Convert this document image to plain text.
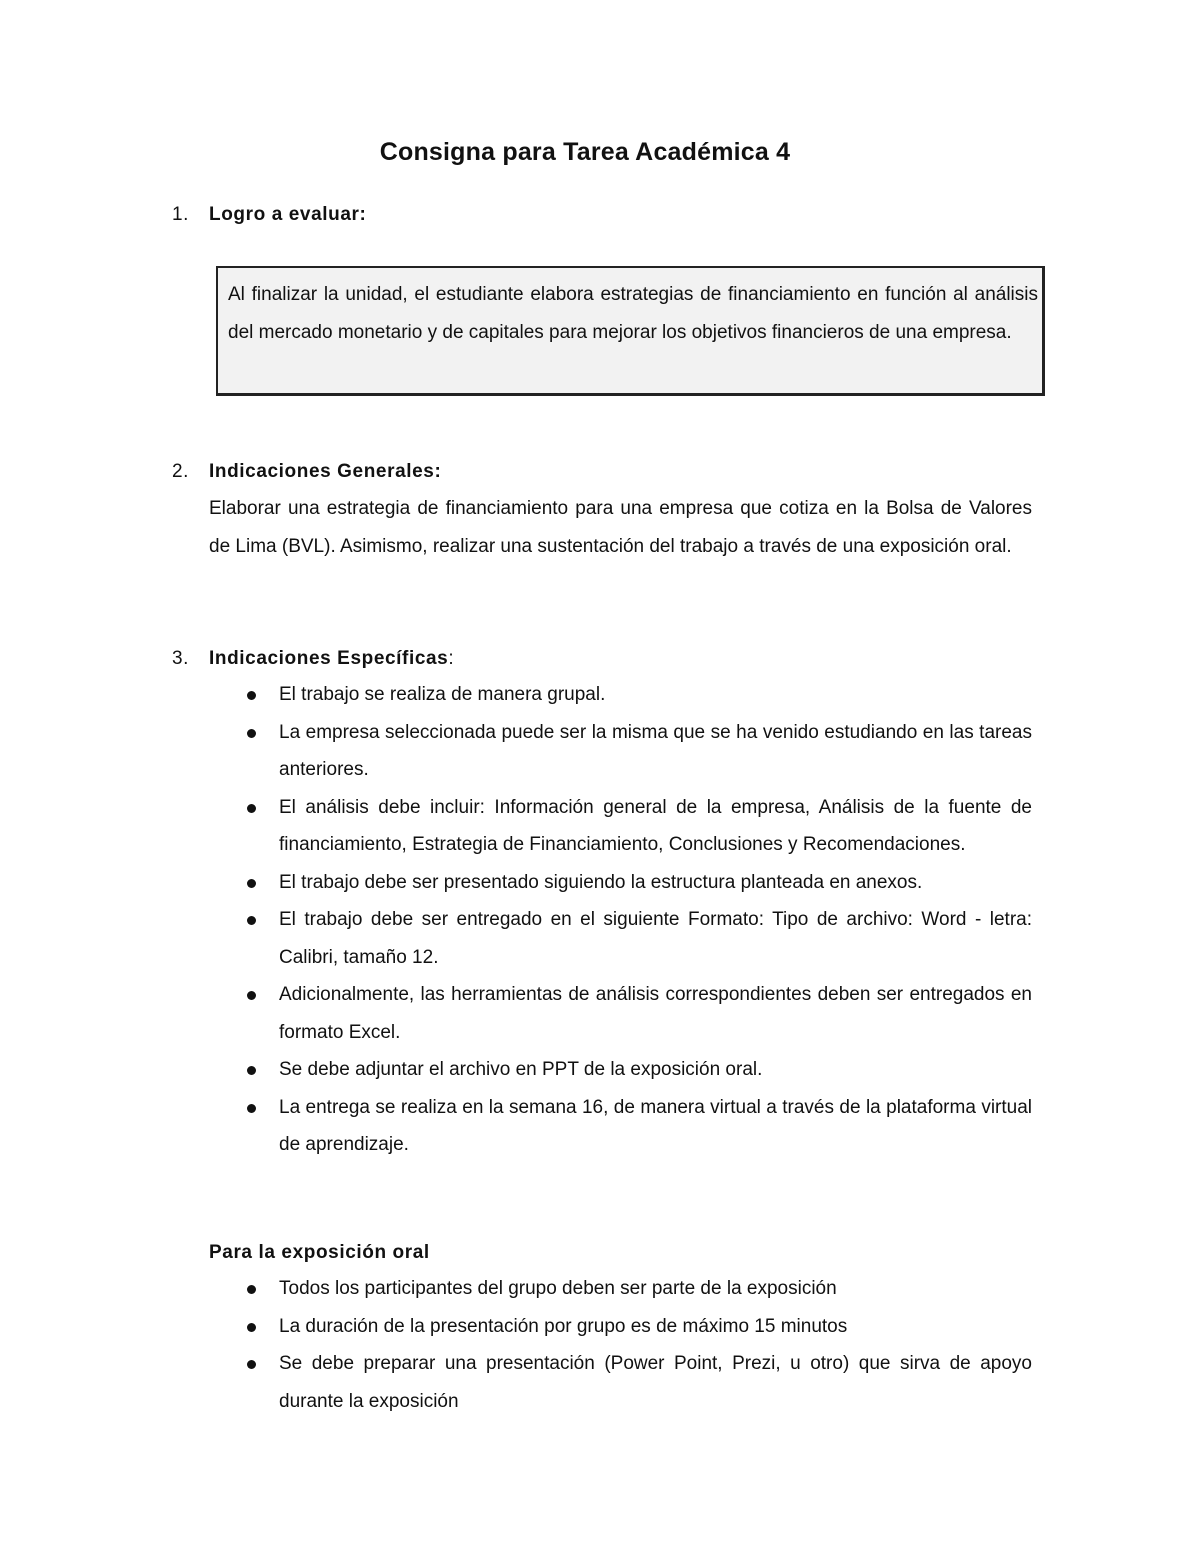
Consigna para Tarea Académica 4
1. Logro a evaluar:
Al finalizar la unidad, el estudiante elabora estrategias de financiamiento en función al análisis del mercado monetario y de capitales para mejorar los objetivos financieros de una empresa.
2. Indicaciones Generales:
Elaborar una estrategia de financiamiento para una empresa que cotiza en la Bolsa de Valores de Lima (BVL). Asimismo, realizar una sustentación del trabajo a través de una exposición oral.
3. Indicaciones Específicas:
El trabajo se realiza de manera grupal.
La empresa seleccionada puede ser la misma que se ha venido estudiando en las tareas anteriores.
El análisis debe incluir: Información general de la empresa, Análisis de la fuente de financiamiento, Estrategia de Financiamiento, Conclusiones y Recomendaciones.
El trabajo debe ser presentado siguiendo la estructura planteada en anexos.
El trabajo debe ser entregado en el siguiente Formato: Tipo de archivo: Word - letra: Calibri, tamaño 12.
Adicionalmente, las herramientas de análisis correspondientes deben ser entregados en formato Excel.
Se debe adjuntar el archivo en PPT de la exposición oral.
La entrega se realiza en la semana 16, de manera virtual a través de la plataforma virtual de aprendizaje.
Para la exposición oral
Todos los participantes del grupo deben ser parte de la exposición
La duración de la presentación por grupo es de máximo 15 minutos
Se debe preparar una presentación (Power Point, Prezi, u otro) que sirva de apoyo durante la exposición
